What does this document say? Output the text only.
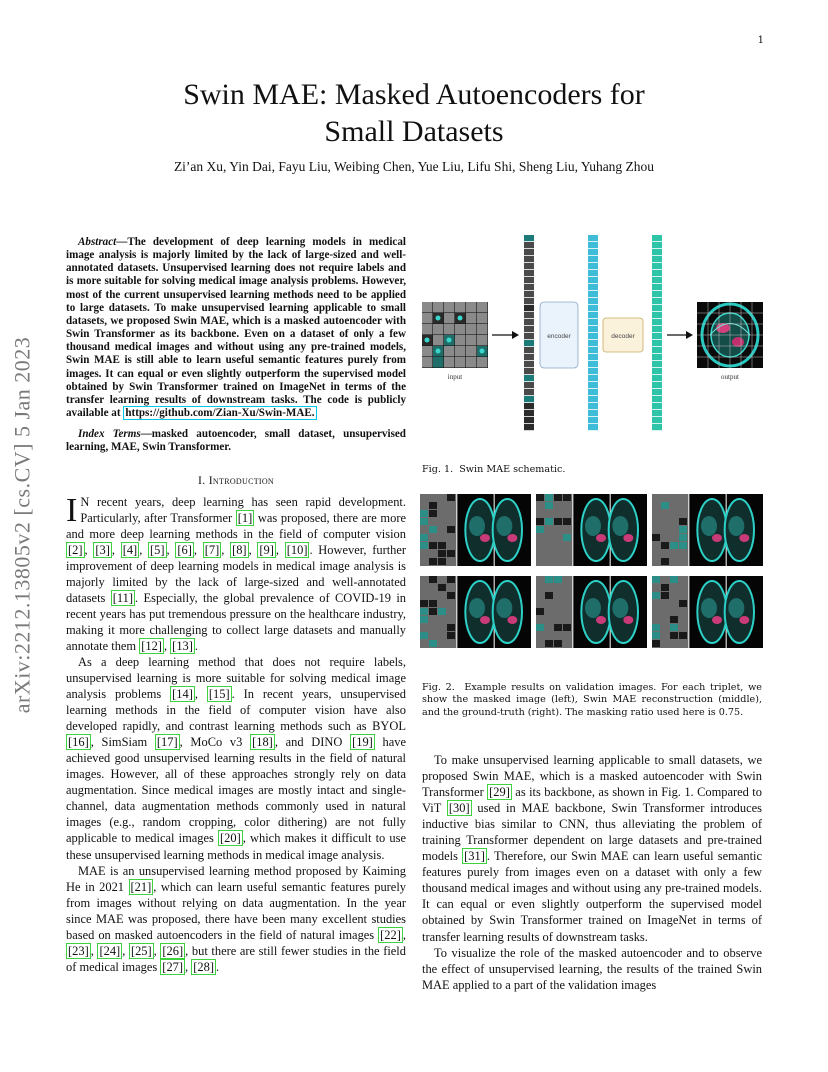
1
arXiv:2212.13805v2 [cs.CV] 5 Jan 2023
Swin MAE: Masked Autoencoders for
Small Datasets
Zi’an Xu, Yin Dai, Fayu Liu, Weibing Chen, Yue Liu, Lifu Shi, Sheng Liu, Yuhang Zhou

Abstract—The development of deep learning models in medical image analysis is majorly limited by the lack of large-sized and well-annotated datasets. Unsupervised learning does not require labels and is more suitable for solving medical image analysis problems. However, most of the current unsupervised learning methods need to be applied to large datasets. To make unsupervised learning applicable to small datasets, we proposed Swin MAE, which is a masked autoencoder with Swin Transformer as its backbone. Even on a dataset of only a few thousand medical images and without using any pre-trained models, Swin MAE is still able to learn useful semantic features purely from images. It can equal or even slightly outperform the supervised model obtained by Swin Transformer trained on ImageNet in terms of the transfer learning results of downstream tasks. The code is publicly available at https://github.com/Zian-Xu/Swin-MAE.

Index Terms—masked autoencoder, small dataset, unsupervised learning, MAE, Swin Transformer.

I. Introduction

I N recent years, deep learning has seen rapid development. Particularly, after Transformer [1] was proposed, there are more and more deep learning methods in the field of computer vision [2] , [3] , [4] , [5] , [6] , [7] , [8] , [9] , [10] . However, further improvement of deep learning models in medical image analysis is majorly limited by the lack of large-sized and well-annotated datasets [11] . Especially, the global prevalence of COVID-19 in recent years has put tremendous pressure on the healthcare industry, making it more challenging to collect large datasets and manually annotate them [12] , [13] .

As a deep learning method that does not require labels, unsupervised learning is more suitable for solving medical image analysis problems [14] , [15] . In recent years, unsupervised learning methods in the field of computer vision have also developed rapidly, and contrast learning methods such as BYOL [16] , SimSiam [17] , MoCo v3 [18] , and DINO [19] have achieved good unsupervised learning results in the field of natural images. However, all of these approaches strongly rely on data augmentation. Since medical images are mostly intact and single-channel, data augmentation methods commonly used in natural images (e.g., random cropping, color dithering) are not fully applicable to medical images [20] , which makes it difficult to use these unsupervised learning methods in medical image analysis.

MAE is an unsupervised learning method proposed by Kaiming He in 2021 [21] , which can learn useful semantic features purely from images without relying on data augmentation. In the year since MAE was proposed, there have been many excellent studies based on masked autoencoders in the field of natural images [22] , [23] , [24] , [25] , [26] , but there are still fewer studies in the field of medical images [27] , [28] .

input
encoder	decoder
output
Fig. 1. Swin MAE schematic.
Fig. 2. Example results on validation images. For each triplet, we show the masked image (left), Swin MAE reconstruction (middle), and the ground-truth (right). The masking ratio used here is 0.75.

To make unsupervised learning applicable to small datasets, we proposed Swin MAE, which is a masked autoencoder with Swin Transformer [29] as its backbone, as shown in Fig. 1. Compared to ViT [30] used in MAE backbone, Swin Transformer introduces inductive bias similar to CNN, thus alleviating the problem of training Transformer dependent on large datasets and pre-trained models [31] . Therefore, our Swin MAE can learn useful semantic features purely from images even on a dataset with only a few thousand medical images and without using any pre-trained models. It can equal or even slightly outperform the supervised model obtained by Swin Transformer trained on ImageNet in terms of transfer learning results of downstream tasks.

To visualize the role of the masked autoencoder and to observe the effect of unsupervised learning, the results of the trained Swin MAE applied to a part of the validation images
